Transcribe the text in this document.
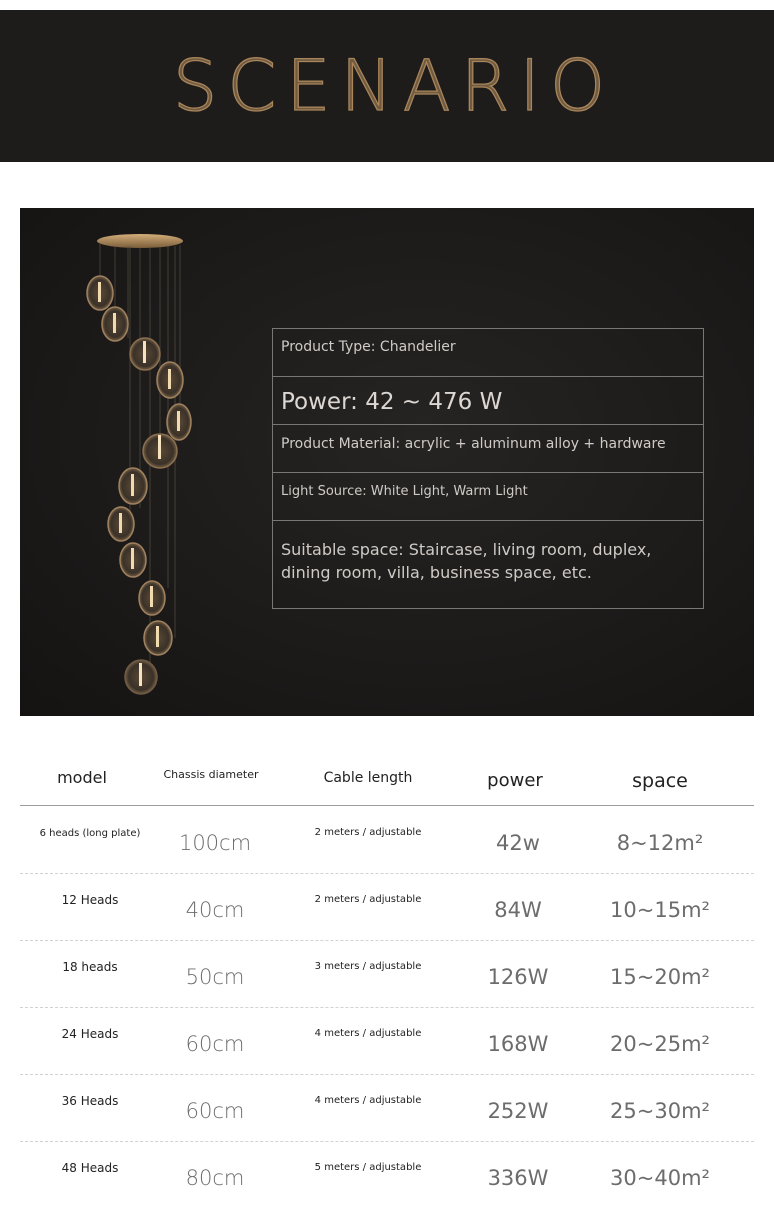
SCENARIO
Product Type: Chandelier
Power: 42 ~ 476 W
Product Material: acrylic + aluminum alloy + hardware
Light Source: White Light, Warm Light
Suitable space: Staircase, living room, duplex,
dining room, villa, business space, etc.
model	Chassis diameter	Cable length	power	space
6 heads (long plate)	100cm	2 meters / adjustable	42w	8~12m²
12 Heads	40cm	2 meters / adjustable	84W	10~15m²
18 heads	50cm	3 meters / adjustable	126W	15~20m²
24 Heads	60cm	4 meters / adjustable	168W	20~25m²
36 Heads	60cm	4 meters / adjustable	252W	25~30m²
48 Heads	80cm	5 meters / adjustable	336W	30~40m²
